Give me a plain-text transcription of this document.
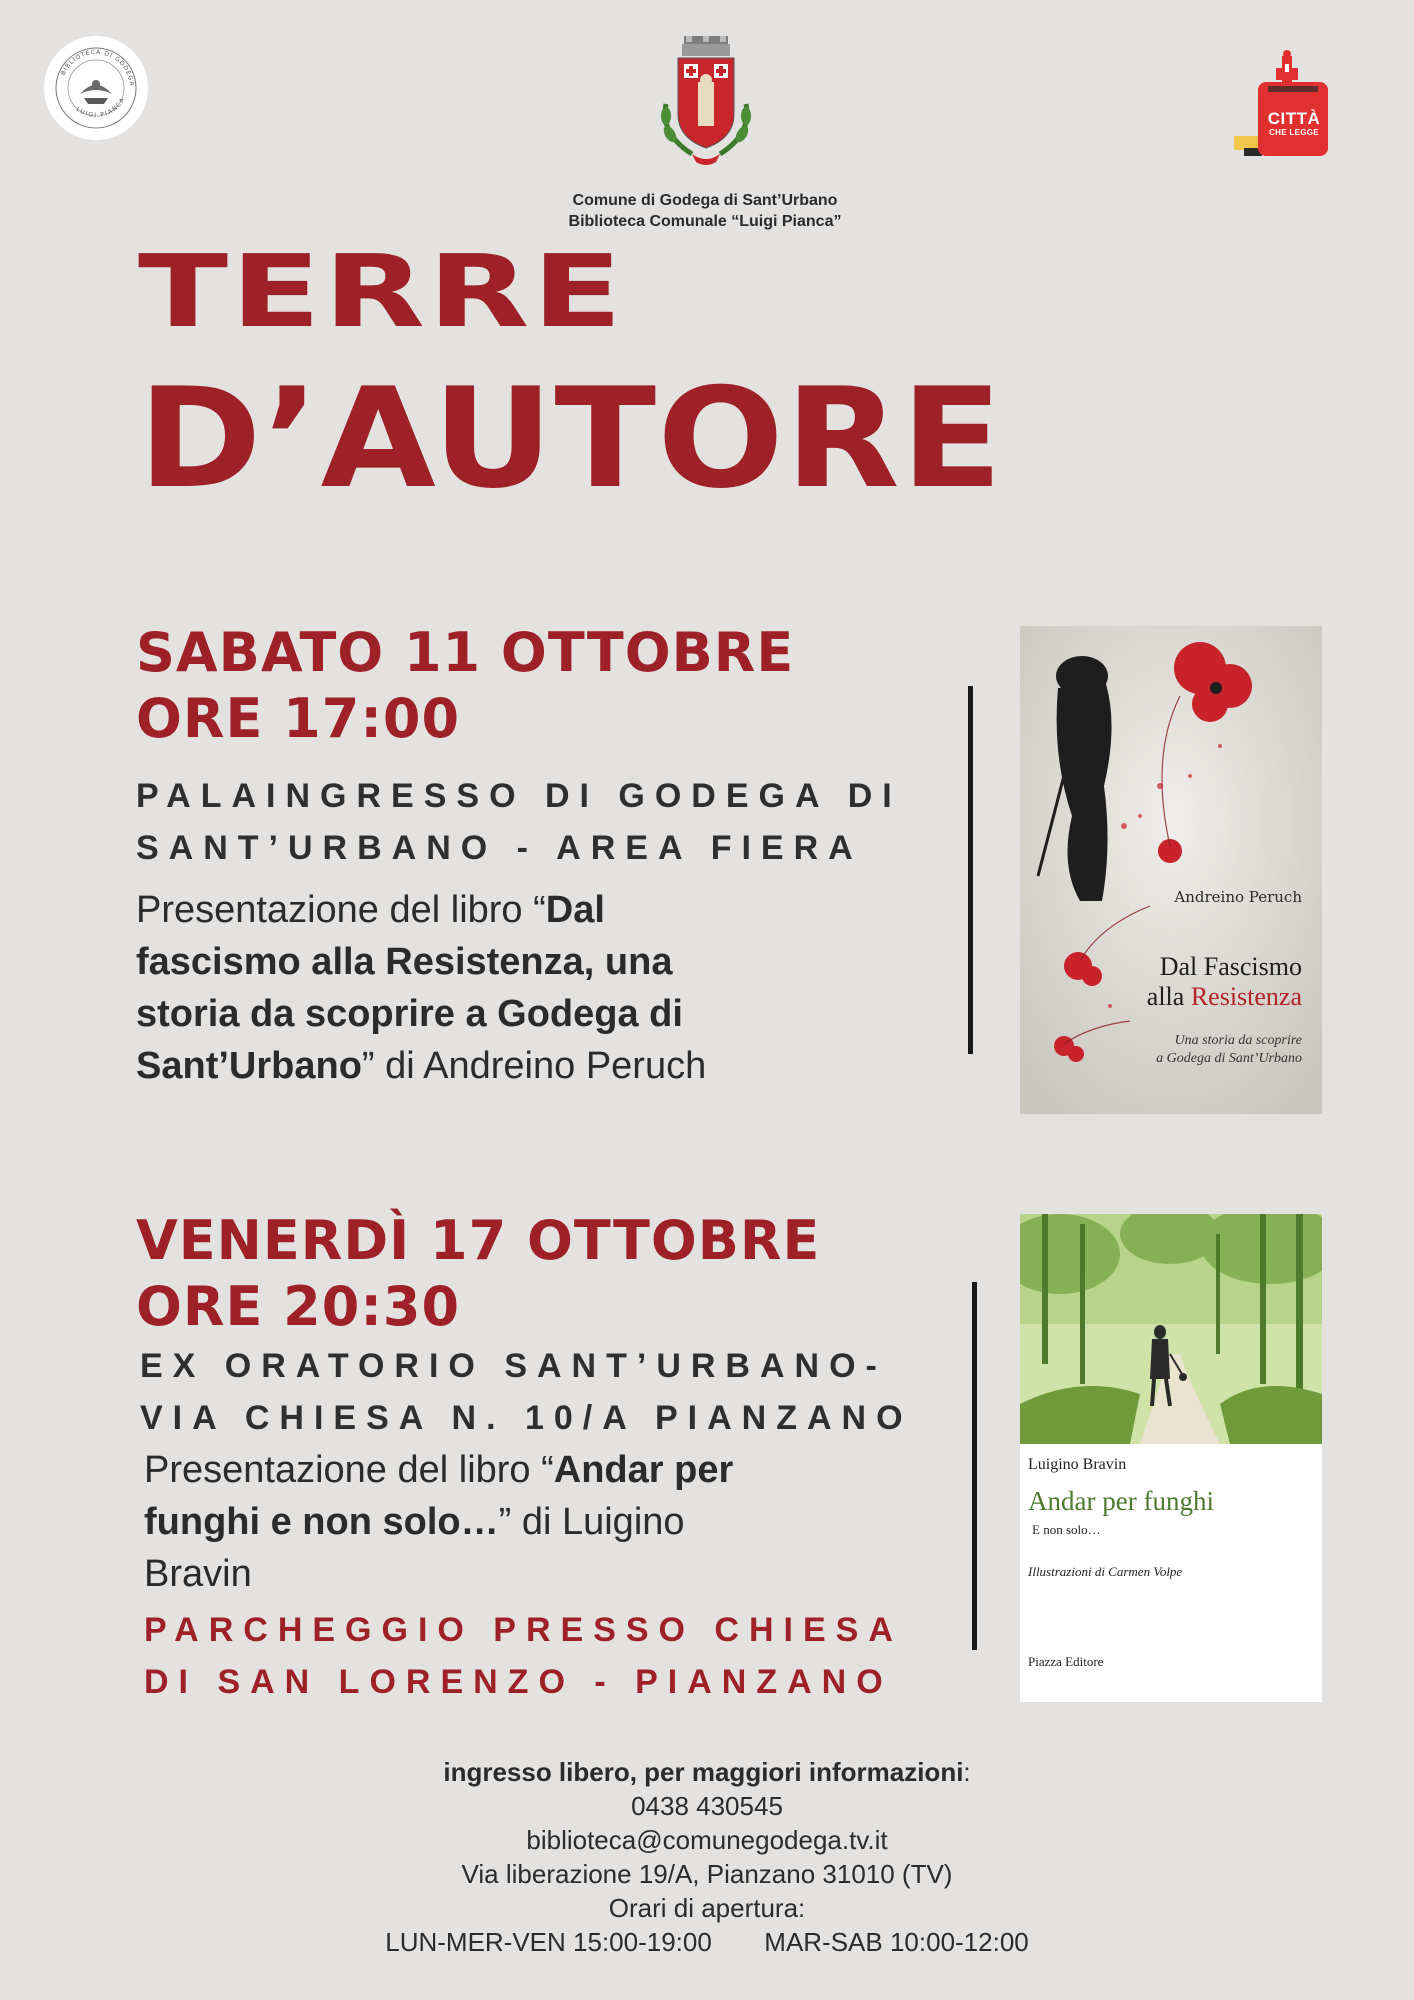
BIBLIOTECA DI GODEGA
LUIGI PIANCA
CITTÀ
CHE LEGGE
Comune di Godega di Sant’Urbano
Biblioteca Comunale “Luigi Pianca”
TERRE
D’AUTORE
SABATO 11 OTTOBRE
ORE 17:00
PALAINGRESSO DI GODEGA DI
SANT’URBANO - AREA FIERA
Presentazione del libro “Dal
fascismo alla Resistenza, una
storia da scoprire a Godega di
Sant’Urbano” di Andreino Peruch
Andreino Peruch
Dal Fascismo
alla Resistenza
Una storia da scoprire
a Godega di Sant’Urbano
VENERDÌ 17 OTTOBRE
ORE 20:30
EX ORATORIO SANT’URBANO-
VIA CHIESA N. 10/A PIANZANO
Presentazione del libro “Andar per
funghi e non solo…” di Luigino
Bravin
PARCHEGGIO PRESSO CHIESA
DI SAN LORENZO - PIANZANO
Luigino Bravin
Andar per funghi
E non solo…
Illustrazioni di Carmen Volpe
Piazza Editore
ingresso libero, per maggiori informazioni:
0438 430545
biblioteca@comunegodega.tv.it
Via liberazione 19/A, Pianzano 31010 (TV)
Orari di apertura:
LUN-MER-VEN 15:00-19:00 MAR-SAB 10:00-12:00
